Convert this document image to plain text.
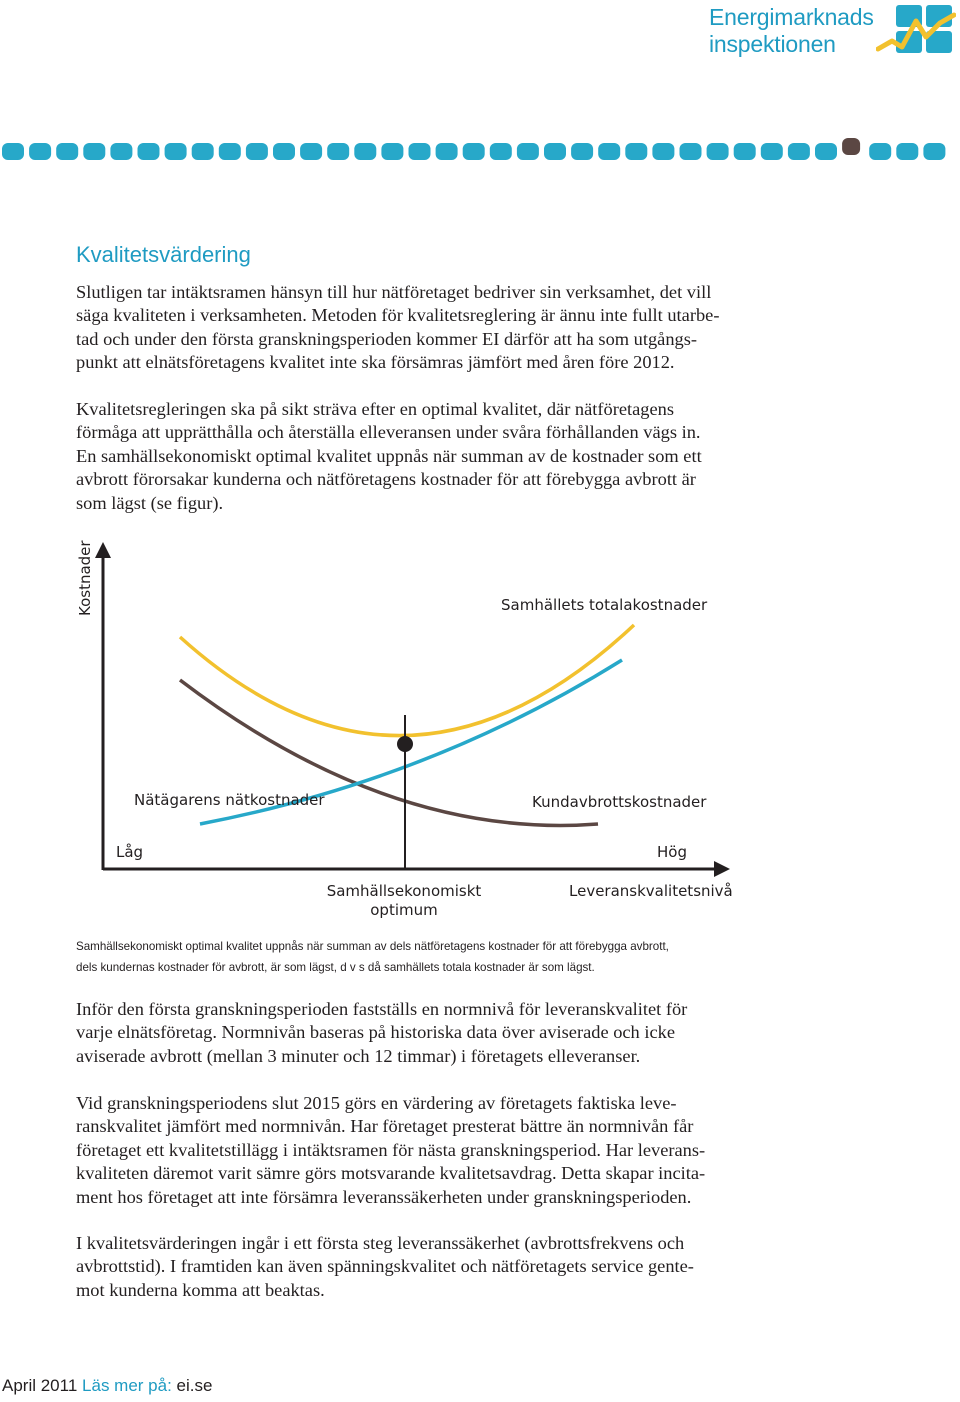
Energimarknads
inspektionen
Kvalitetsvärdering
Slutligen tar intäktsramen hänsyn till hur nätföretaget bedriver sin verksamhet, det vill
säga kvaliteten i verksamheten. Metoden för kvalitetsreglering är ännu inte fullt utarbe-
tad och under den första granskningsperioden kommer EI därför att ha som utgångs-
punkt att elnätsföretagens kvalitet inte ska försämras jämfört med åren före 2012.
Kvalitetsregleringen ska på sikt sträva efter en optimal kvalitet, där nätföretagens
förmåga att upprätthålla och återställa elleveransen under svåra förhållanden vägs in.
En samhällsekonomiskt optimal kvalitet uppnås när summan av de kostnader som ett
avbrott förorsakar kunderna och nätföretagens kostnader för att förebygga avbrott är
som lägst (se figur).
Kostnader	Samhällets totalakostnader
Nätägarens nätkostnader	Kundavbrottskostnader
Låg	Hög
Samhällsekonomiskt
optimum
Leveranskvalitetsnivå
Samhällsekonomiskt optimal kvalitet uppnås när summan av dels nätföretagens kostnader för att förebygga avbrott,
dels kundernas kostnader för avbrott, är som lägst, d v s då samhällets totala kostnader är som lägst.
Inför den första granskningsperioden fastställs en normnivå för leveranskvalitet för
varje elnätsföretag. Normnivån baseras på historiska data över aviserade och icke
aviserade avbrott (mellan 3 minuter och 12 timmar) i företagets elleveranser.
Vid granskningsperiodens slut 2015 görs en värdering av företagets faktiska leve-
ranskvalitet jämfört med normnivån. Har företaget presterat bättre än normnivån får
företaget ett kvalitetstillägg i intäktsramen för nästa granskningsperiod. Har leverans-
kvaliteten däremot varit sämre görs motsvarande kvalitetsavdrag. Detta skapar incita-
ment hos företaget att inte försämra leveranssäkerheten under granskningsperioden.
I kvalitetsvärderingen ingår i ett första steg leveranssäkerhet (avbrottsfrekvens och
avbrottstid). I framtiden kan även spänningskvalitet och nätföretagets service gente-
mot kunderna komma att beaktas.
April 2011 Läs mer på: ei.se
